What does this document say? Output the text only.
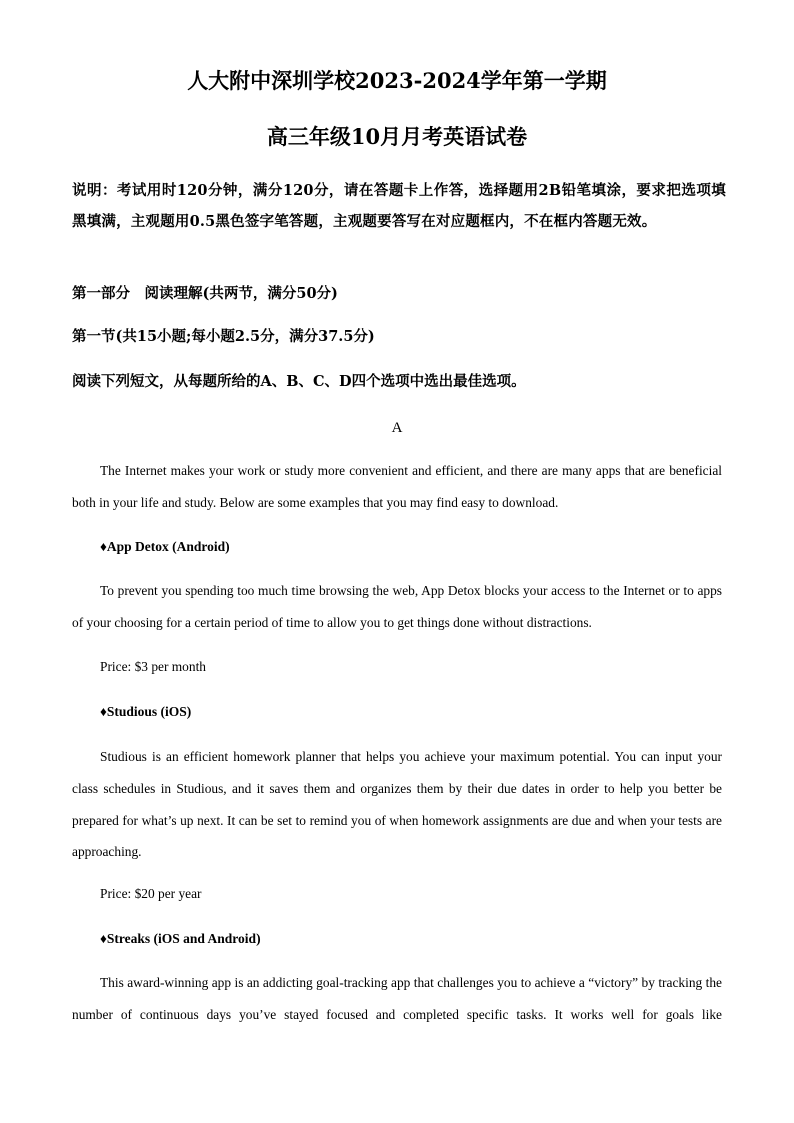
人大附中深圳学校2023-2024学年第一学期
高三年级10月月考英语试卷
说明：考试用时120分钟，满分120分，请在答题卡上作答，选择题用2B铅笔填涂，要求把选项填黑填满，主观题用0.5黑色签字笔答题，主观题要答写在对应题框内，不在框内答题无效。
第一部分　阅读理解(共两节，满分50分)
第一节(共15小题;每小题2.5分，满分37.5分)
阅读下列短文，从每题所给的A、B、C、D四个选项中选出最佳选项。
A
The Internet makes your work or study more convenient and efficient, and there are many apps that are beneficial both in your life and study. Below are some examples that you may find easy to download.
♦App Detox (Android)
To prevent you spending too much time browsing the web, App Detox blocks your access to the Internet or to apps of your choosing for a certain period of time to allow you to get things done without distractions.
Price: $3 per month
♦Studious (iOS)
Studious is an efficient homework planner that helps you achieve your maximum potential. You can input your class schedules in Studious, and it saves them and organizes them by their due dates in order to help you better be prepared for what’s up next. It can be set to remind you of when homework assignments are due and when your tests are approaching.
Price: $20 per year
♦Streaks (iOS and Android)
This award-winning app is an addicting goal-tracking app that challenges you to achieve a “victory” by tracking the number of continuous days you’ve stayed focused and completed specific tasks. It works well for goals like
